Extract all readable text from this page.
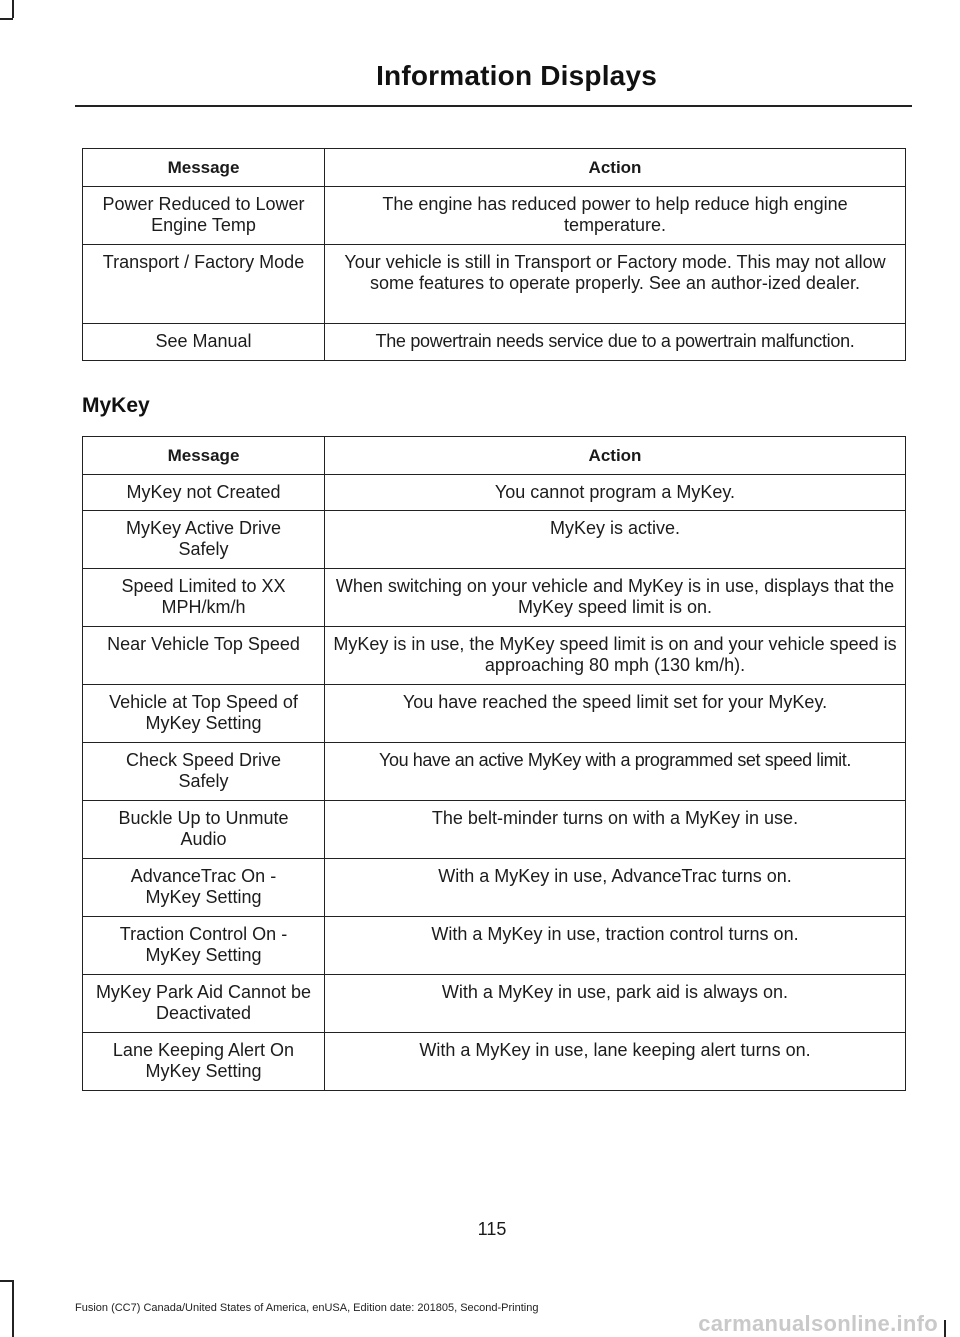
Information Displays
Message	Action
Power Reduced to Lower Engine Temp	The engine has reduced power to help reduce high engine temperature.
Transport / Factory Mode	Your vehicle is still in Transport or Factory mode. This may not allow some features to operate properly. See an author-ized dealer.
See Manual	The powertrain needs service due to a powertrain malfunction.
MyKey
Message	Action
MyKey not Created	You cannot program a MyKey.
MyKey Active Drive Safely	MyKey is active.
Speed Limited to XX MPH/km/h	When switching on your vehicle and MyKey is in use, displays that the MyKey speed limit is on.
Near Vehicle Top Speed	MyKey is in use, the MyKey speed limit is on and your vehicle speed is approaching 80 mph (130 km/h).
Vehicle at Top Speed of MyKey Setting	You have reached the speed limit set for your MyKey.
Check Speed Drive Safely	You have an active MyKey with a programmed set speed limit.
Buckle Up to Unmute Audio	The belt-minder turns on with a MyKey in use.
AdvanceTrac On - MyKey Setting	With a MyKey in use, AdvanceTrac turns on.
Traction Control On - MyKey Setting	With a MyKey in use, traction control turns on.
MyKey Park Aid Cannot be Deactivated	With a MyKey in use, park aid is always on.
Lane Keeping Alert On MyKey Setting	With a MyKey in use, lane keeping alert turns on.
115
Fusion (CC7) Canada/United States of America, enUSA, Edition date: 201805, Second-Printing
carmanualsonline.info
